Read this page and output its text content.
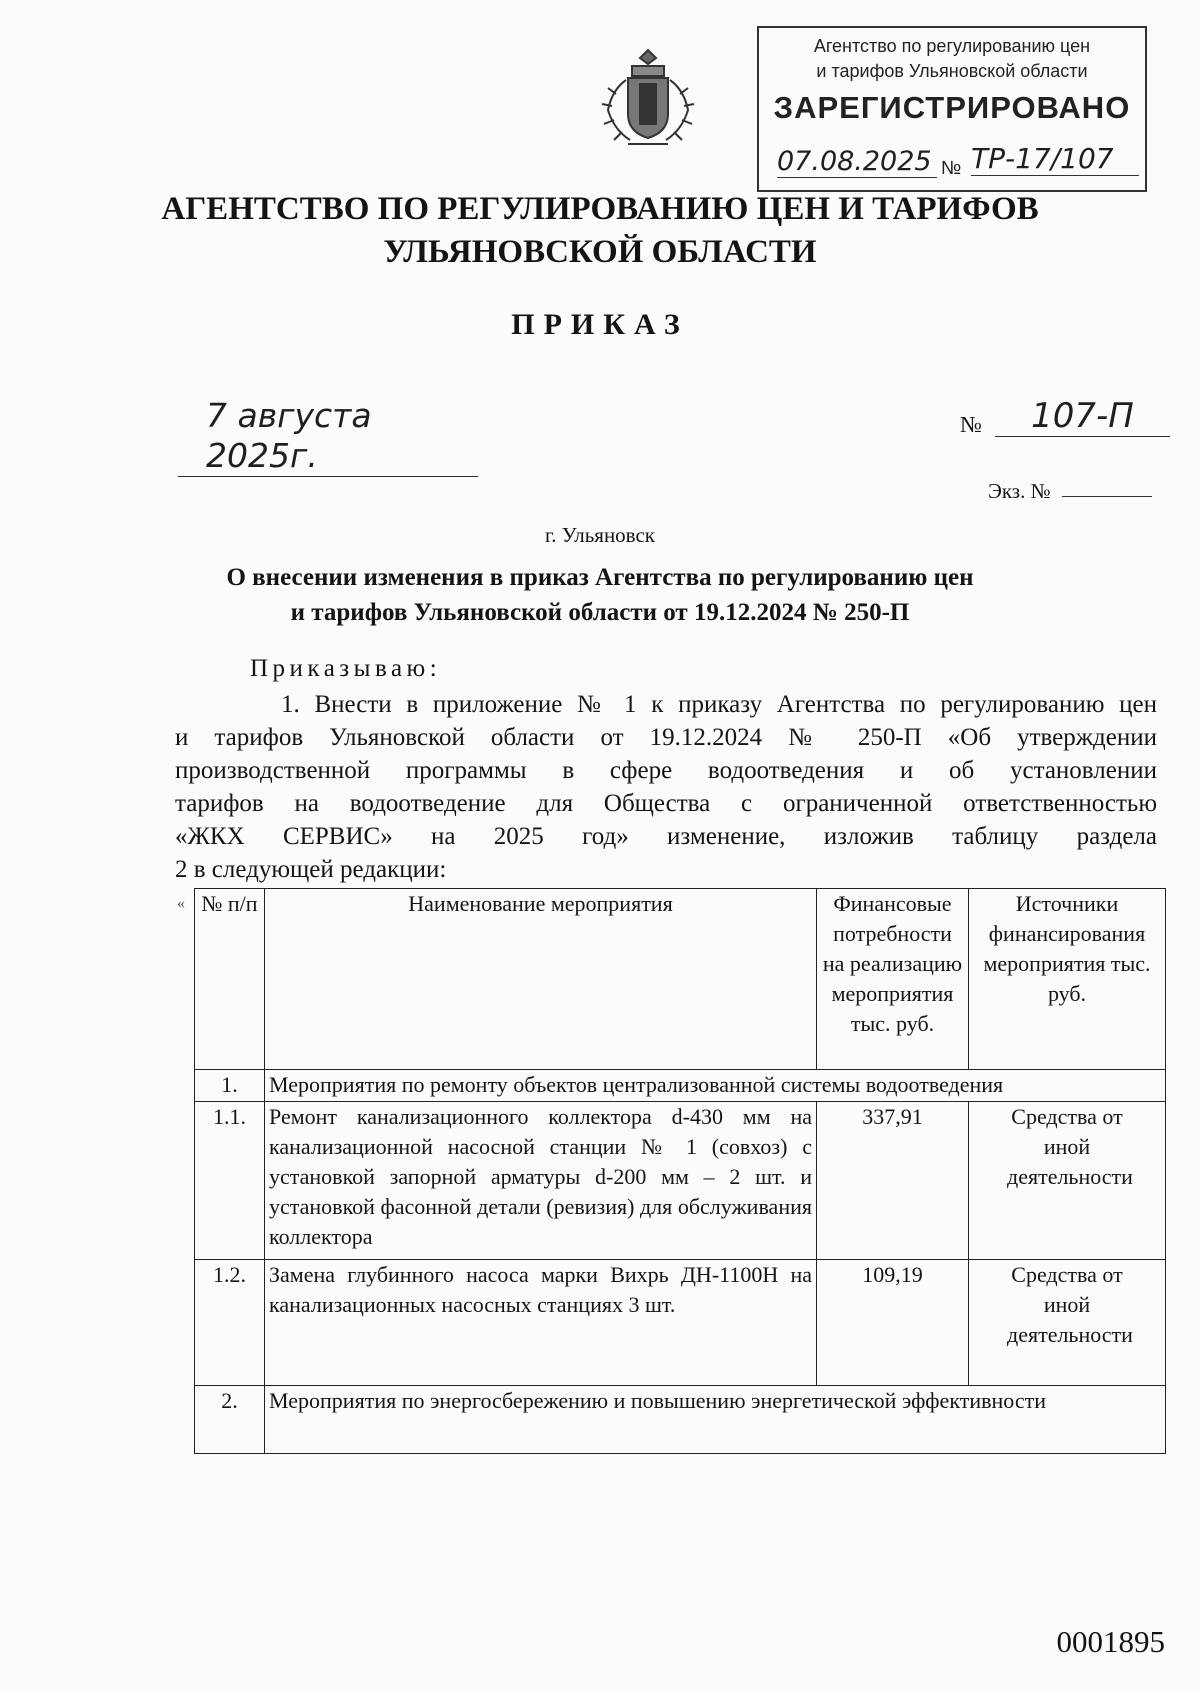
Агентство по регулированию цен
и тарифов Ульяновской области
ЗАРЕГИСТРИРОВАНО
07.08.2025 № ТР-17/107
АГЕНТСТВО ПО РЕГУЛИРОВАНИЮ ЦЕН И ТАРИФОВ
УЛЬЯНОВСКОЙ ОБЛАСТИ
ПРИКАЗ
7 августа 2025г.
№	107-П
Экз. №
г. Ульяновск
О внесении изменения в приказ Агентства по регулированию цен
и тарифов Ульяновской области от 19.12.2024 № 250-П
Приказываю:
1. Внести в приложение № 1 к приказу Агентства по регулированию цен
и тарифов Ульяновской области от 19.12.2024 № 250-П «Об утверждении
производственной программы в сфере водоотведения и об установлении
тарифов на водоотведение для Общества с ограниченной ответственностью
«ЖКХ СЕРВИС» на 2025 год» изменение, изложив таблицу раздела
2 в следующей редакции:
« № п/п	Наименование мероприятия	Финансовые потребности на реализацию мероприятия тыс. руб.	Источники финансирования мероприятия тыс. руб.
1.	Мероприятия по ремонту объектов централизованной системы водоотведения		
1.1.	Ремонт канализационного коллектора d-430 мм на канализационной насосной станции № 1 (совхоз) с установкой запорной арматуры d-200 мм – 2 шт. и установкой фасонной детали (ревизия) для обслуживания коллектора	337,91	Средства от иной деятельности

1.2.	Замена глубинного насоса марки Вихрь ДН-1100Н на канализационных насосных станциях 3 шт.	109,19	Средства от иной деятельности

2.	Мероприятия по энергосбережению и повышению энергетической эффективности		
0001895
